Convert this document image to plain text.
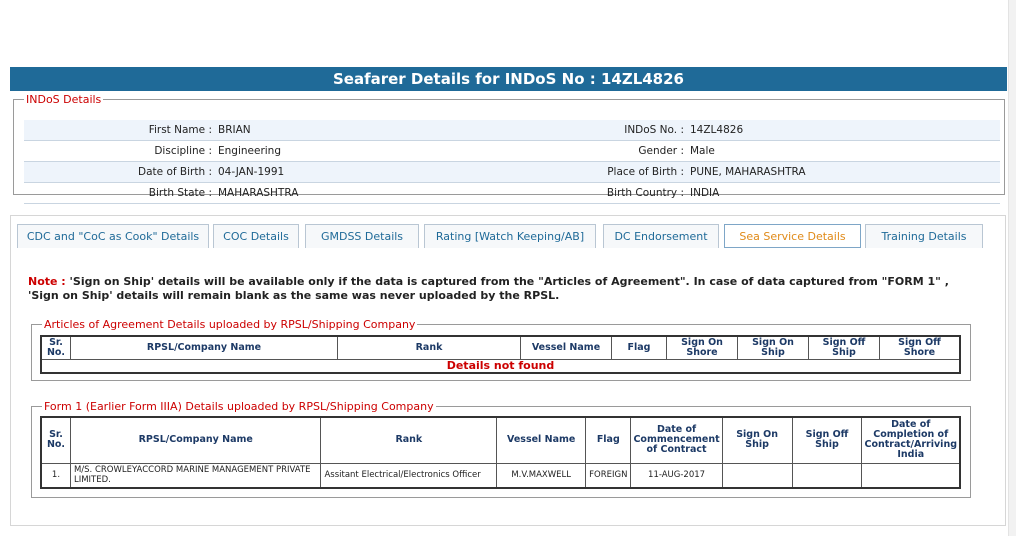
Seafarer Details for INDoS No : 14ZL4826
INDoS Details
First Name :	BRIAN	INDoS No. :	14ZL4826
Discipline :	Engineering	Gender :	Male
Date of Birth :	04-JAN-1991	Place of Birth :	PUNE, MAHARASHTRA
Birth State :	MAHARASHTRA	Birth Country :	INDIA
CDC and "CoC as Cook" Details	COC Details	GMDSS Details	Rating [Watch Keeping/AB]	DC Endorsement	Sea Service Details	Training Details
Note : 'Sign on Ship' details will be available only if the data is captured from the "Articles of Agreement". In case of data captured from "FORM 1" , 'Sign on Ship' details will remain blank as the same was never uploaded by the RPSL.
Articles of Agreement Details uploaded by RPSL/Shipping Company
Sr. No.	RPSL/Company Name	Rank	Vessel Name	Flag	Sign On Shore	Sign On Ship	Sign Off Ship	Sign Off Shore
Details not found
Form 1 (Earlier Form IIIA) Details uploaded by RPSL/Shipping Company
Sr. No.	RPSL/Company Name	Rank	Vessel Name	Flag	Date of Commencement of Contract	Sign On Ship	Sign Off Ship	Date of Completion of Contract/Arriving India
1.	M/S. CROWLEYACCORD MARINE MANAGEMENT PRIVATE LIMITED.	Assitant Electrical/Electronics Officer	M.V.MAXWELL	FOREIGN	11-AUG-2017			
